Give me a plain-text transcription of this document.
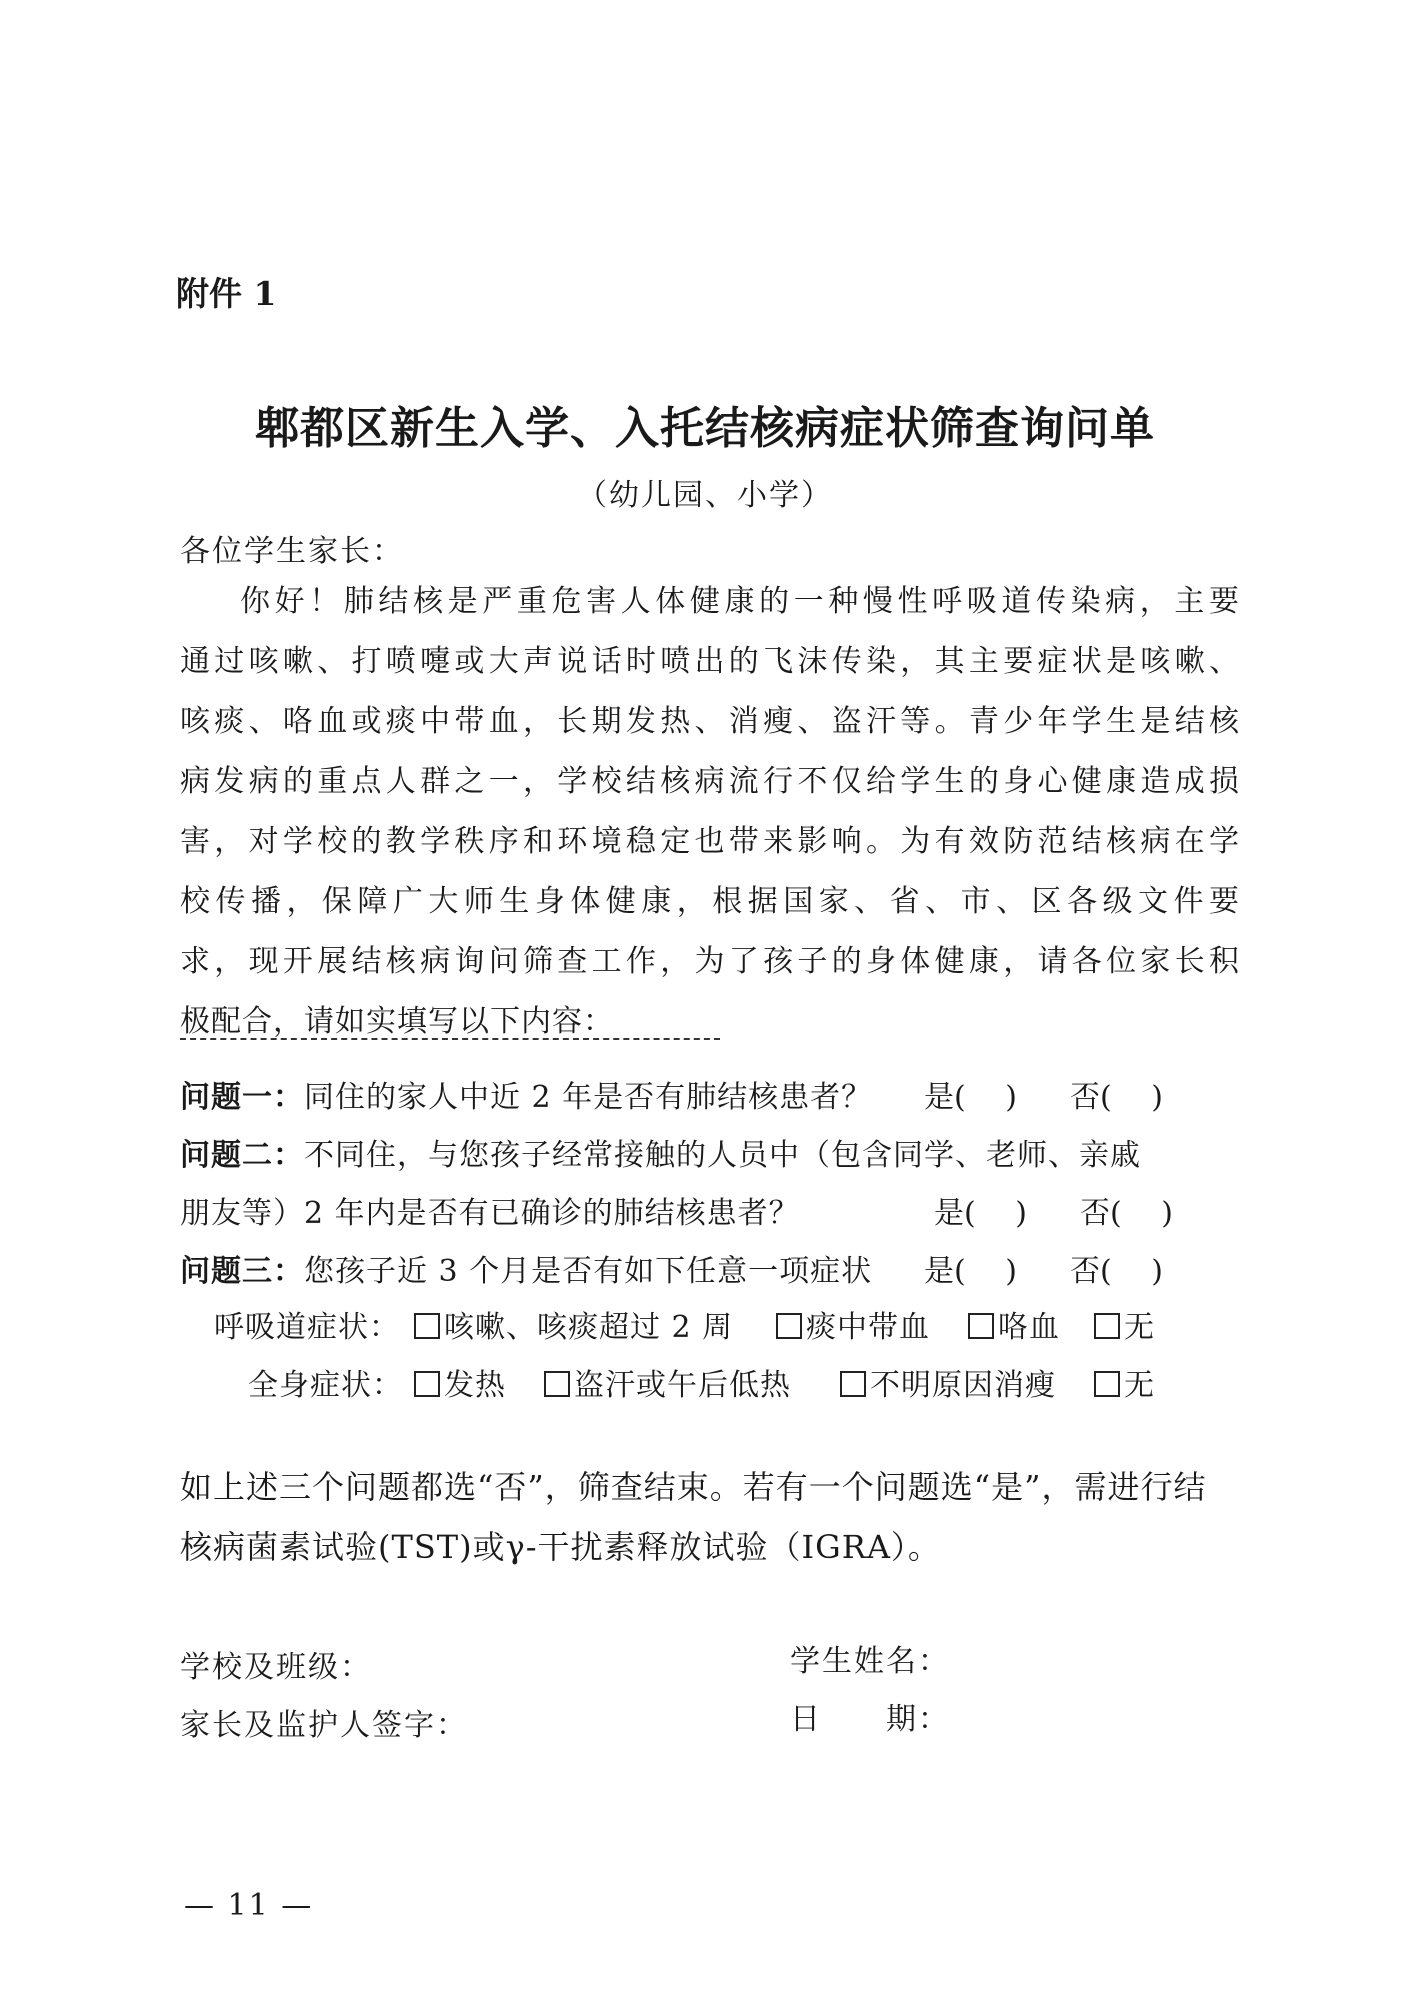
附件 1
郫都区新生入学、入托结核病症状筛查询问单
（幼儿园、小学）
各位学生家长：
你好！肺结核是严重危害人体健康的一种慢性呼吸道传染病，主要
通过咳嗽、打喷嚏或大声说话时喷出的飞沫传染，其主要症状是咳嗽、
咳痰、咯血或痰中带血，长期发热、消瘦、盗汗等。青少年学生是结核
病发病的重点人群之一，学校结核病流行不仅给学生的身心健康造成损
害，对学校的教学秩序和环境稳定也带来影响。为有效防范结核病在学
校传播，保障广大师生身体健康，根据国家、省、市、区各级文件要
求，现开展结核病询问筛查工作，为了孩子的身体健康，请各位家长积
极配合，请如实填写以下内容：
问题一：同住的家人中近 2 年是否有肺结核患者？ 是(　 ) 否(　 )
问题二：不同住，与您孩子经常接触的人员中（包含同学、老师、亲戚
朋友等）2 年内是否有已确诊的肺结核患者？	是(　 ) 否(　 )
问题三：您孩子近 3 个月是否有如下任意一项症状 是(　 ) 否(　 )
呼吸道症状：	咳嗽、咳痰超过 2 周	痰中带血	咯血	无
全身症状：	发热	盗汗或午后低热	不明原因消瘦	无
如上述三个问题都选“否”，筛查结束。若有一个问题选“是”，需进行结
核病菌素试验(TST)或γ-干扰素释放试验（IGRA）。
学校及班级：	学生姓名：
家长及监护人签字：	日　　期：
— 11 —
